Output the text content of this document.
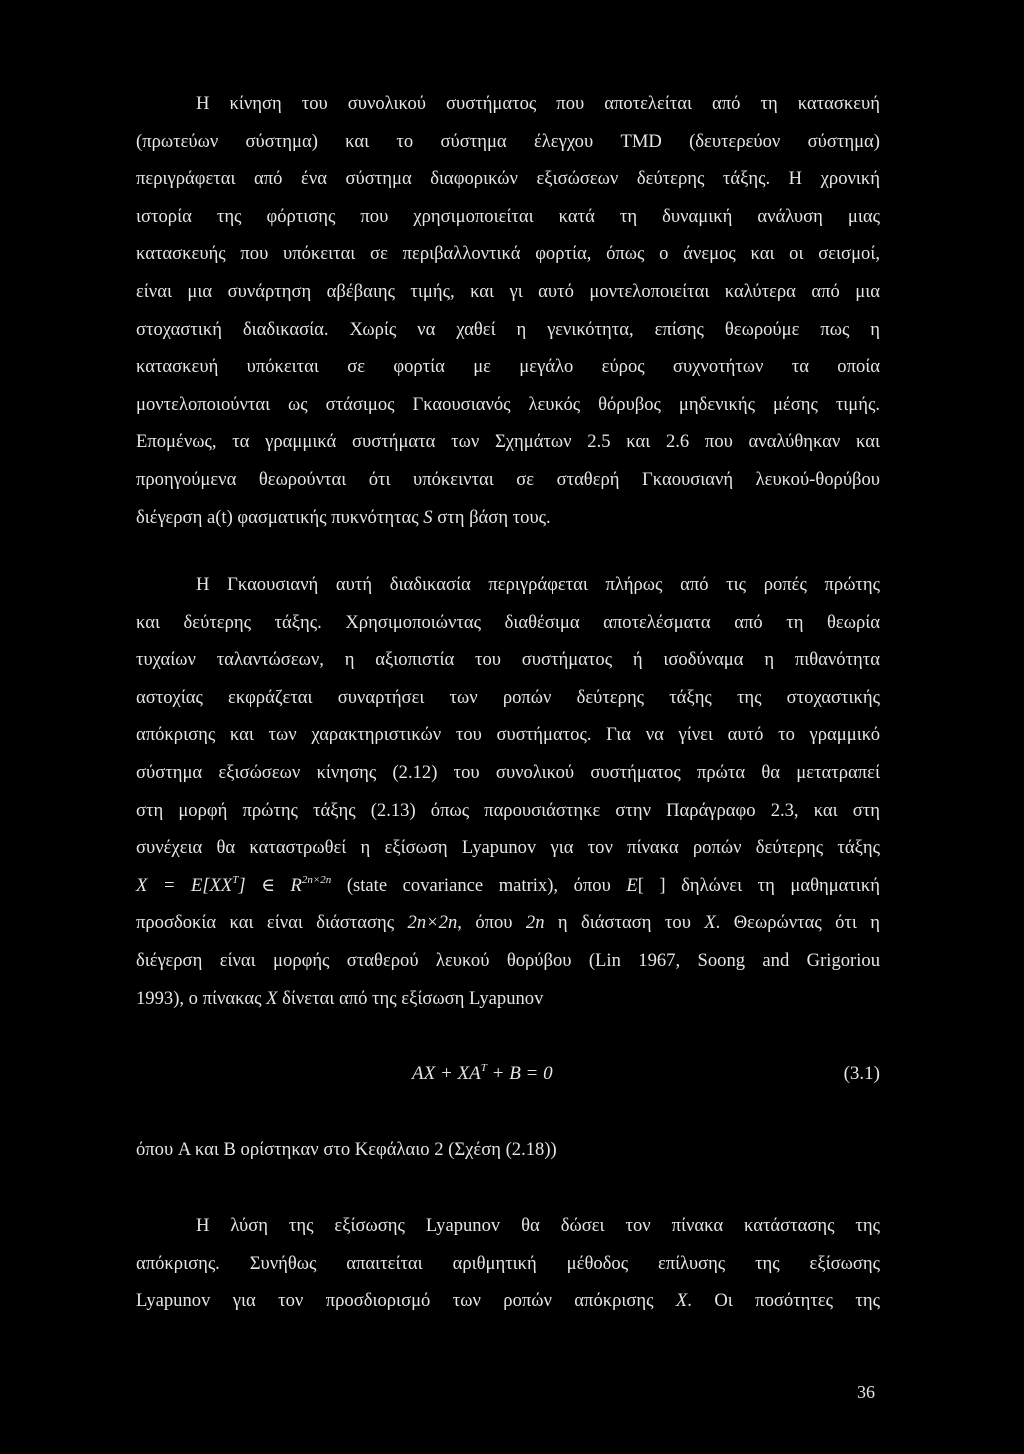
Η κίνηση του συνολικού συστήματος που αποτελείται από τη κατασκευή
(πρωτεύων σύστημα) και το σύστημα έλεγχου TMD (δευτερεύον σύστημα)
περιγράφεται από ένα σύστημα διαφορικών εξισώσεων δεύτερης τάξης. Η χρονική
ιστορία της φόρτισης που χρησιμοποιείται κατά τη δυναμική ανάλυση μιας
κατασκευής που υπόκειται σε περιβαλλοντικά φορτία, όπως ο άνεμος και οι σεισμοί,
είναι μια συνάρτηση αβέβαιης τιμής, και γι αυτό μοντελοποιείται καλύτερα από μια
στοχαστική διαδικασία. Χωρίς να χαθεί η γενικότητα, επίσης θεωρούμε πως η
κατασκευή υπόκειται σε φορτία με μεγάλο εύρος συχνοτήτων τα οποία
μοντελοποιούνται ως στάσιμος Γκαουσιανός λευκός θόρυβος μηδενικής μέσης τιμής.
Επομένως, τα γραμμικά συστήματα των Σχημάτων 2.5 και 2.6 που αναλύθηκαν και
προηγούμενα θεωρούνται ότι υπόκεινται σε σταθερή Γκαουσιανή λευκού-θορύβου
διέγερση a(t) φασματικής πυκνότητας S στη βάση τους.
Η Γκαουσιανή αυτή διαδικασία περιγράφεται πλήρως από τις ροπές πρώτης
και δεύτερης τάξης. Χρησιμοποιώντας διαθέσιμα αποτελέσματα από τη θεωρία
τυχαίων ταλαντώσεων, η αξιοπιστία του συστήματος ή ισοδύναμα η πιθανότητα
αστοχίας εκφράζεται συναρτήσει των ροπών δεύτερης τάξης της στοχαστικής
απόκρισης και των χαρακτηριστικών του συστήματος. Για να γίνει αυτό το γραμμικό
σύστημα εξισώσεων κίνησης (2.12) του συνολικού συστήματος πρώτα θα μετατραπεί
στη μορφή πρώτης τάξης (2.13) όπως παρουσιάστηκε στην Παράγραφο 2.3, και στη
συνέχεια θα καταστρωθεί η εξίσωση Lyapunov για τον πίνακα ροπών δεύτερης τάξης
$X = E[XX^T]$ ∈ $R^{2n\times 2n}$ (state covariance matrix), όπου E[ ] δηλώνει τη μαθηματική
προσδοκία και είναι διάστασης 2n×2n, όπου 2n η διάσταση του X. Θεωρώντας ότι η
διέγερση είναι μορφής σταθερού λευκού θορύβου (Lin 1967, Soong and Grigoriou
1993), ο πίνακας X δίνεται από της εξίσωση Lyapunov
AX + $XA^T + B = 0$	(3.1)
όπου A και B ορίστηκαν στο Κεφάλαιο 2 (Σχέση (2.18))
Η λύση της εξίσωσης Lyapunov θα δώσει τον πίνακα κατάστασης της
απόκρισης. Συνήθως απαιτείται αριθμητική μέθοδος επίλυσης της εξίσωσης
Lyapunov για τον προσδιορισμό των ροπών απόκρισης X. Οι ποσότητες της
36
